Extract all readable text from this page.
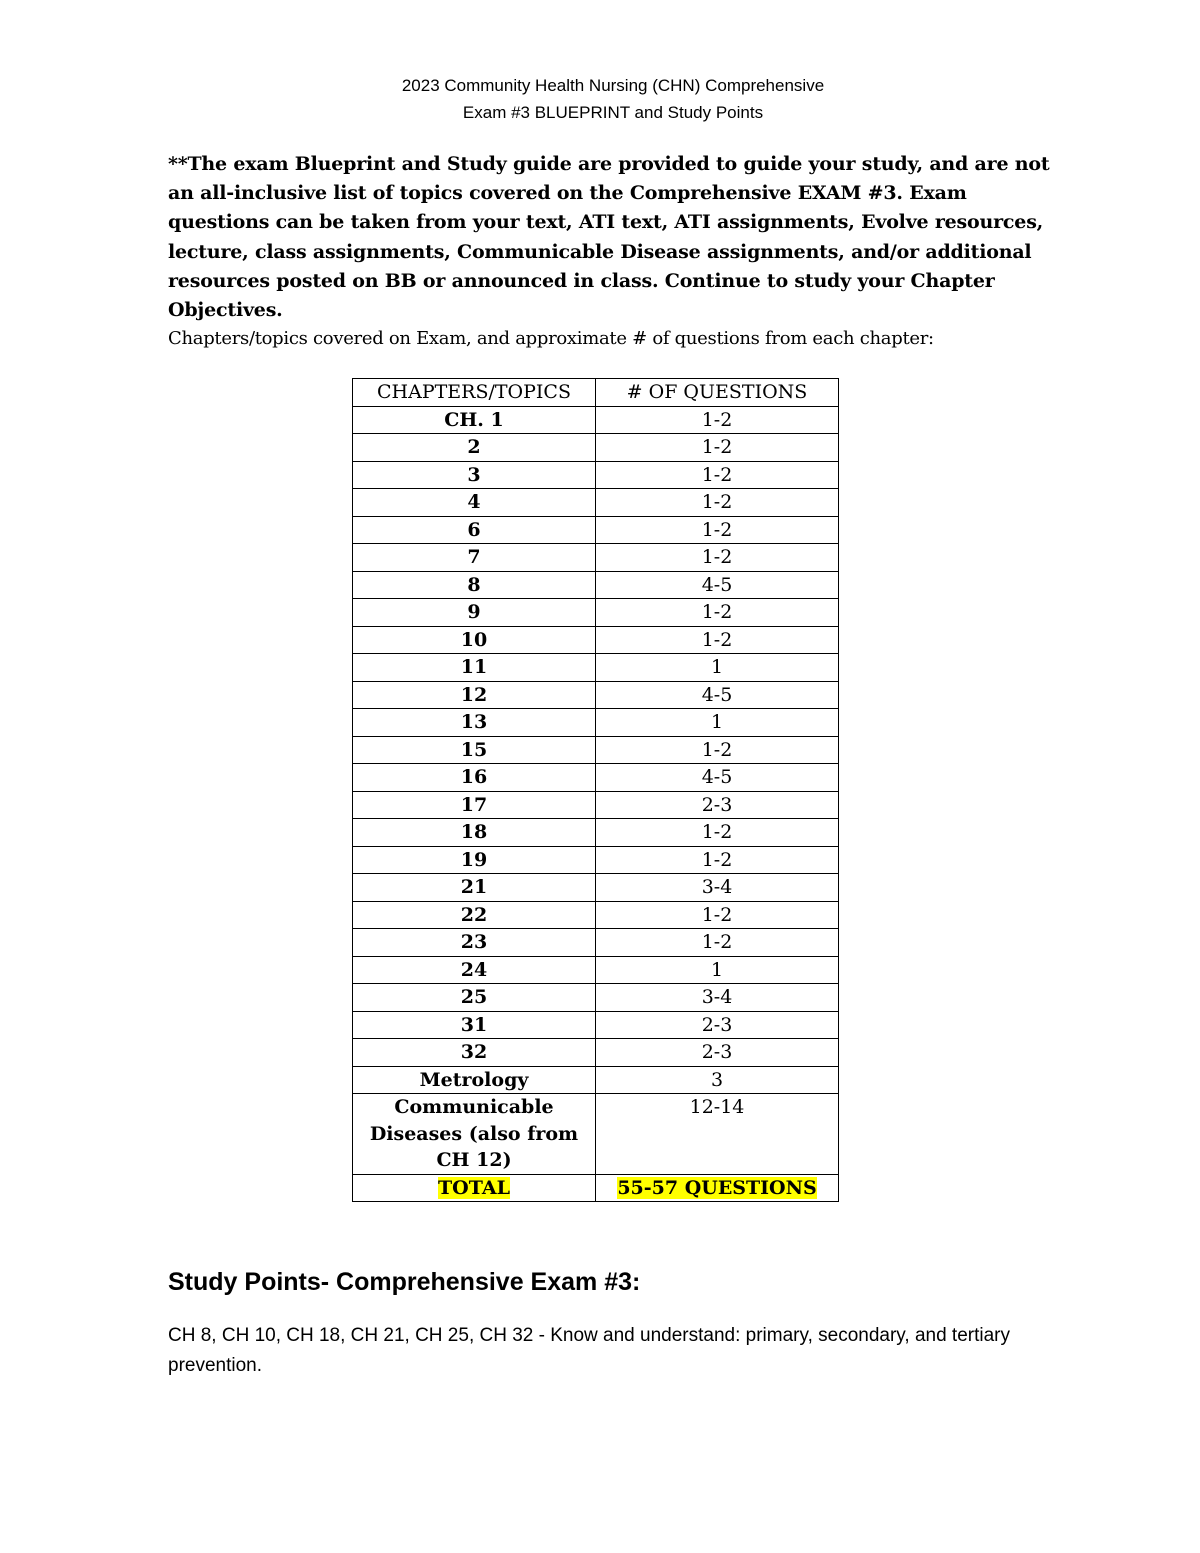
2023 Community Health Nursing (CHN) Comprehensive
Exam #3 BLUEPRINT and Study Points
**The exam Blueprint and Study guide are provided to guide your study, and are not an all-inclusive list of topics covered on the Comprehensive EXAM #3. Exam questions can be taken from your text, ATI text, ATI assignments, Evolve resources, lecture, class assignments, Communicable Disease assignments, and/or additional resources posted on BB or announced in class. Continue to study your Chapter Objectives.
Chapters/topics covered on Exam, and approximate # of questions from each chapter:
CHAPTERS/TOPICS	# OF QUESTIONS
CH. 1	1-2
2	1-2
3	1-2
4	1-2
6	1-2
7	1-2
8	4-5
9	1-2
10	1-2
11	1
12	4-5
13	1
15	1-2
16	4-5
17	2-3
18	1-2
19	1-2
21	3-4
22	1-2
23	1-2
24	1
25	3-4
31	2-3
32	2-3
Metrology	3

Communicable
Diseases (also from
CH 12)	12-14
TOTAL	55-57 QUESTIONS
Study Points- Comprehensive Exam #3:
CH 8, CH 10, CH 18, CH 21, CH 25, CH 32 - Know and understand: primary, secondary, and tertiary prevention.
